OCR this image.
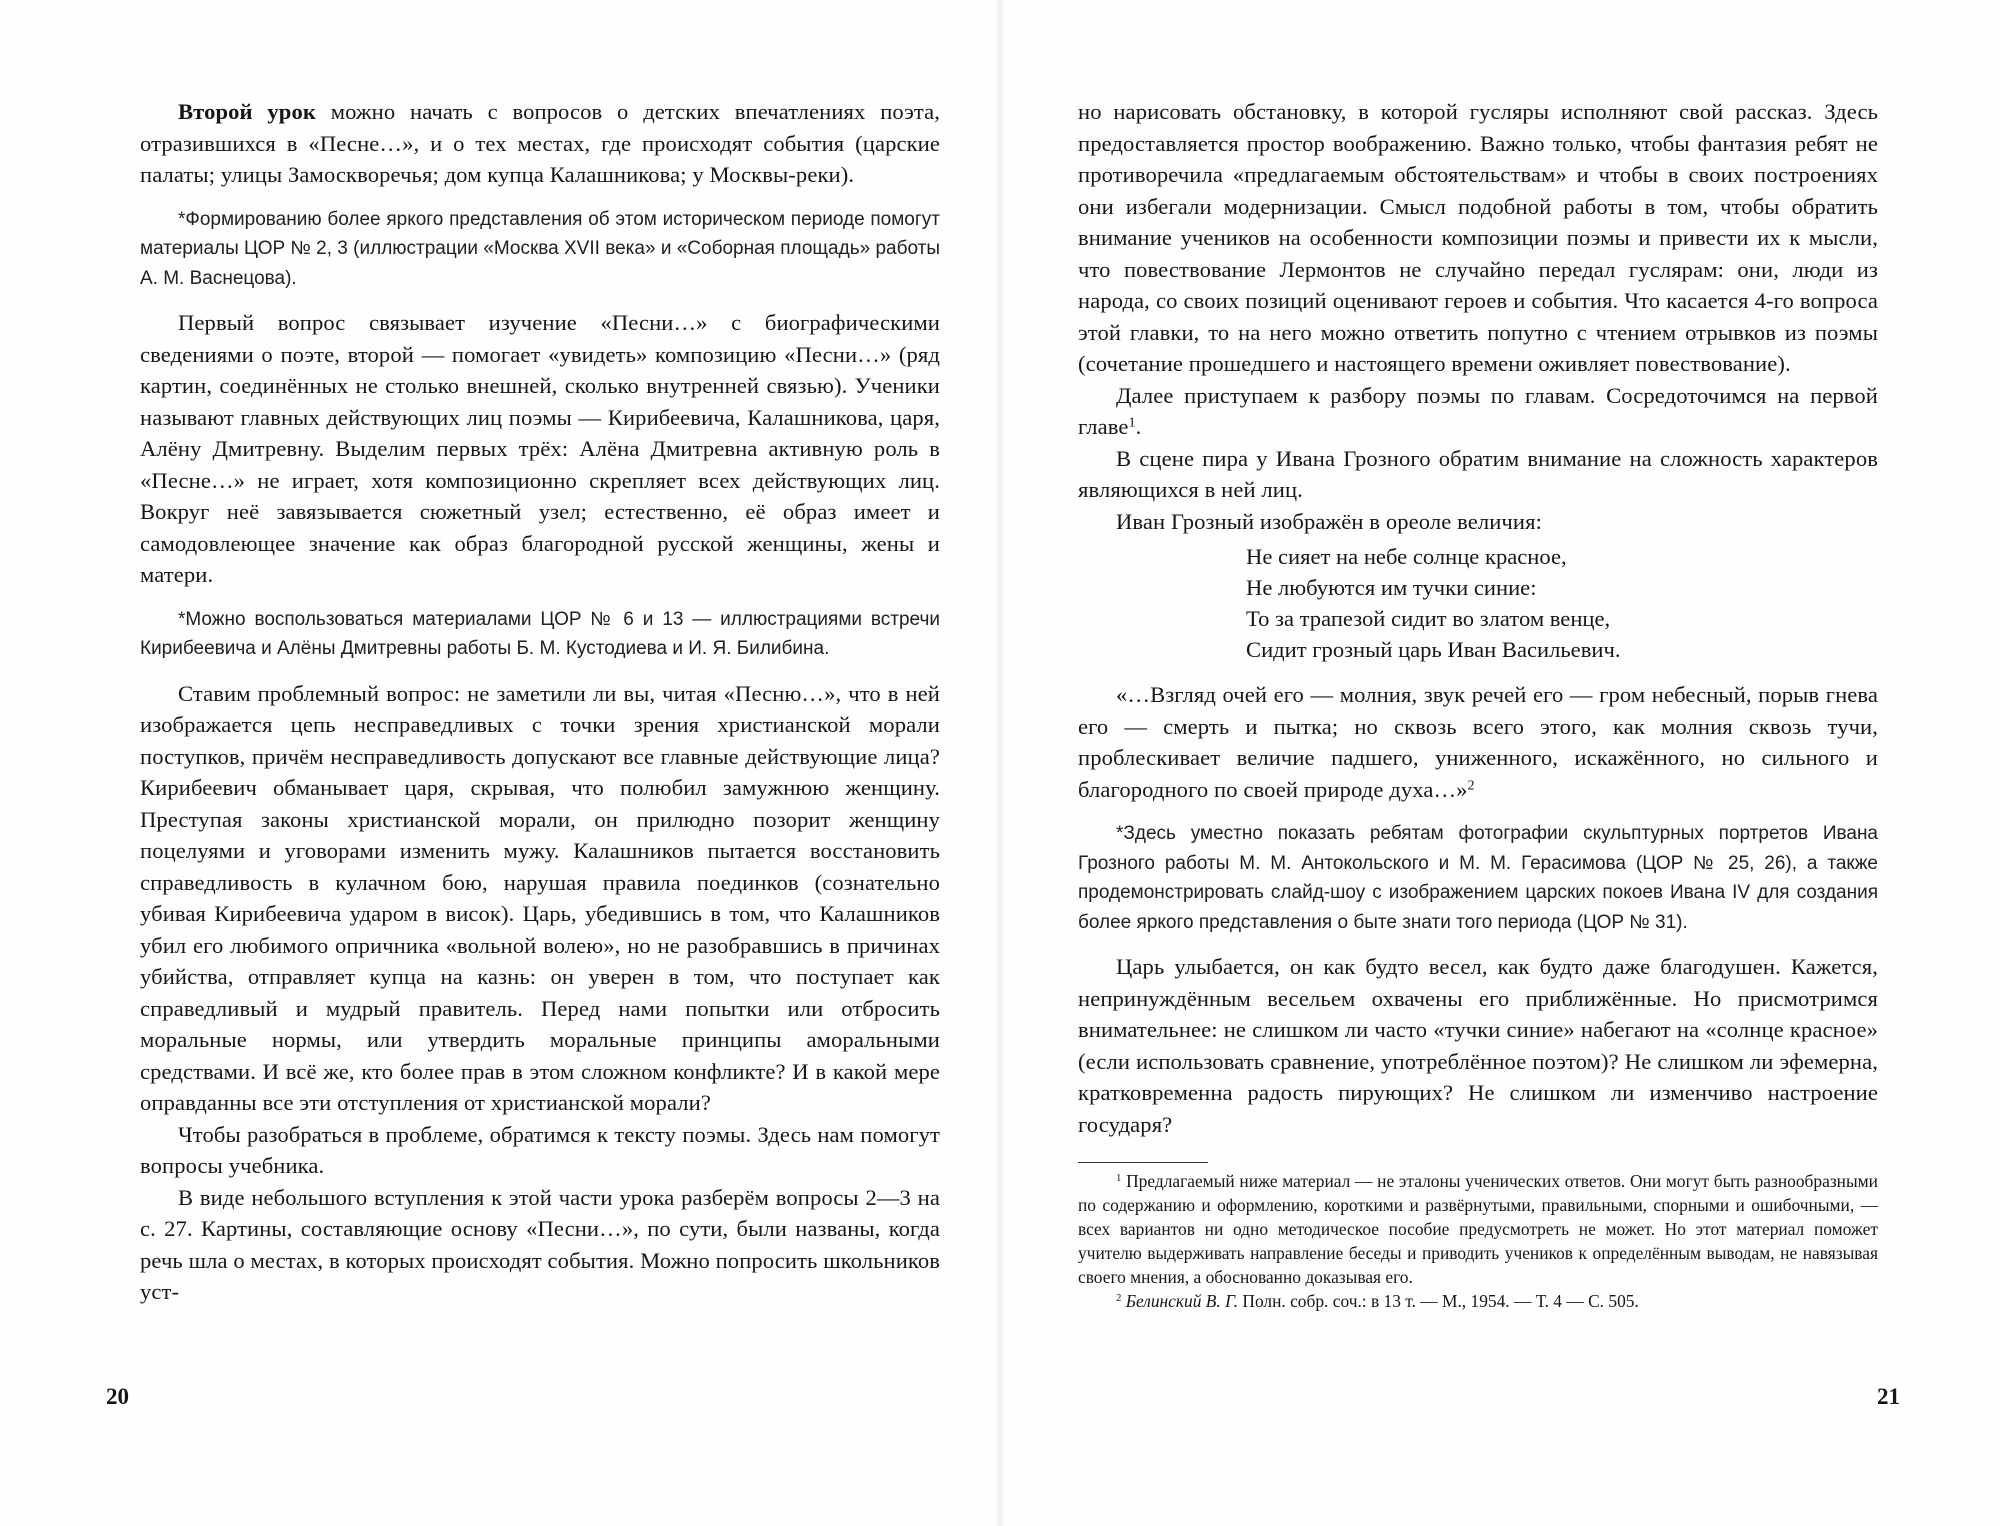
Второй урок можно начать с вопросов о детских впечатлениях поэта, отразившихся в «Песне…», и о тех местах, где происходят события (царские палаты; улицы Замоскворечья; дом купца Калашникова; у Москвы-реки).

*Формированию более яркого представления об этом историческом периоде помогут материалы ЦОР № 2, 3 (иллюстрации «Москва XVII века» и «Соборная площадь» работы А. М. Васнецова).

Первый вопрос связывает изучение «Песни…» с биографическими сведениями о поэте, второй — помогает «увидеть» композицию «Песни…» (ряд картин, соединённых не столько внешней, сколько внутренней связью). Ученики называют главных действующих лиц поэмы — Кирибеевича, Калашникова, царя, Алёну Дмитревну. Выделим первых трёх: Алёна Дмитревна активную роль в «Песне…» не играет, хотя композиционно скрепляет всех действующих лиц. Вокруг неё завязывается сюжетный узел; естественно, её образ имеет и самодовлеющее значение как образ благородной русской женщины, жены и матери.

*Можно воспользоваться материалами ЦОР № 6 и 13 — иллюстрациями встречи Кирибеевича и Алёны Дмитревны работы Б. М. Кустодиева и И. Я. Билибина.

Ставим проблемный вопрос: не заметили ли вы, читая «Песню…», что в ней изображается цепь несправедливых с точки зрения христианской морали поступков, причём несправедливость допускают все главные действующие лица? Кирибеевич обманывает царя, скрывая, что полюбил замужнюю женщину. Преступая законы христианской морали, он прилюдно позорит женщину поцелуями и уговорами изменить мужу. Калашников пытается восстановить справедливость в кулачном бою, нарушая правила поединков (сознательно убивая Кирибеевича ударом в висок). Царь, убедившись в том, что Калашников убил его любимого опричника «вольной волею», но не разобравшись в причинах убийства, отправляет купца на казнь: он уверен в том, что поступает как справедливый и мудрый правитель. Перед нами попытки или отбросить моральные нормы, или утвердить моральные принципы аморальными средствами. И всё же, кто более прав в этом сложном конфликте? И в какой мере оправданны все эти отступления от христианской морали?

Чтобы разобраться в проблеме, обратимся к тексту поэмы. Здесь нам помогут вопросы учебника.

В виде небольшого вступления к этой части урока разберём вопросы 2—3 на с. 27. Картины, составляющие основу «Песни…», по сути, были названы, когда речь шла о местах, в которых происходят события. Можно попросить школьников уст-

20

но нарисовать обстановку, в которой гусляры исполняют свой рассказ. Здесь предоставляется простор воображению. Важно только, чтобы фантазия ребят не противоречила «предлагаемым обстоятельствам» и чтобы в своих построениях они избегали модернизации. Смысл подобной работы в том, чтобы обратить внимание учеников на особенности композиции поэмы и привести их к мысли, что повествование Лермонтов не случайно передал гуслярам: они, люди из народа, со своих позиций оценивают героев и события. Что касается 4-го вопроса этой главки, то на него можно ответить попутно с чтением отрывков из поэмы (сочетание прошедшего и настоящего времени оживляет повествование).

Далее приступаем к разбору поэмы по главам. Сосредоточимся на первой главе$^1$.

В сцене пира у Ивана Грозного обратим внимание на сложность характеров являющихся в ней лиц.

Иван Грозный изображён в ореоле величия:

Не сияет на небе солнце красное,
Не любуются им тучки синие:
То за трапезой сидит во златом венце,
Сидит грозный царь Иван Васильевич.

«…Взгляд очей его — молния, звук речей его — гром небесный, порыв гнева его — смерть и пытка; но сквозь всего этого, как молния сквозь тучи, проблескивает величие падшего, униженного, искажённого, но сильного и благородного по своей природе духа…»$^2$

*Здесь уместно показать ребятам фотографии скульптурных портретов Ивана Грозного работы М. М. Антокольского и М. М. Герасимова (ЦОР № 25, 26), а также продемонстрировать слайд-шоу с изображением царских покоев Ивана IV для создания более яркого представления о быте знати того периода (ЦОР № 31).

Царь улыбается, он как будто весел, как будто даже благодушен. Кажется, непринуждённым весельем охвачены его приближённые. Но присмотримся внимательнее: не слишком ли часто «тучки синие» набегают на «солнце красное» (если использовать сравнение, употреблённое поэтом)? Не слишком ли эфемерна, кратковременна радость пирующих? Не слишком ли изменчиво настроение государя?

$^1$ Предлагаемый ниже материал — не эталоны ученических ответов. Они могут быть разнообразными по содержанию и оформлению, короткими и развёрнутыми, правильными, спорными и ошибочными, — всех вариантов ни одно методическое пособие предусмотреть не может. Но этот материал поможет учителю выдерживать направление беседы и приводить учеников к определённым выводам, не навязывая своего мнения, а обоснованно доказывая его.

$^2$ Белинский В. Г. Полн. собр. соч.: в 13 т. — М., 1954. — Т. 4 — С. 505.

21
